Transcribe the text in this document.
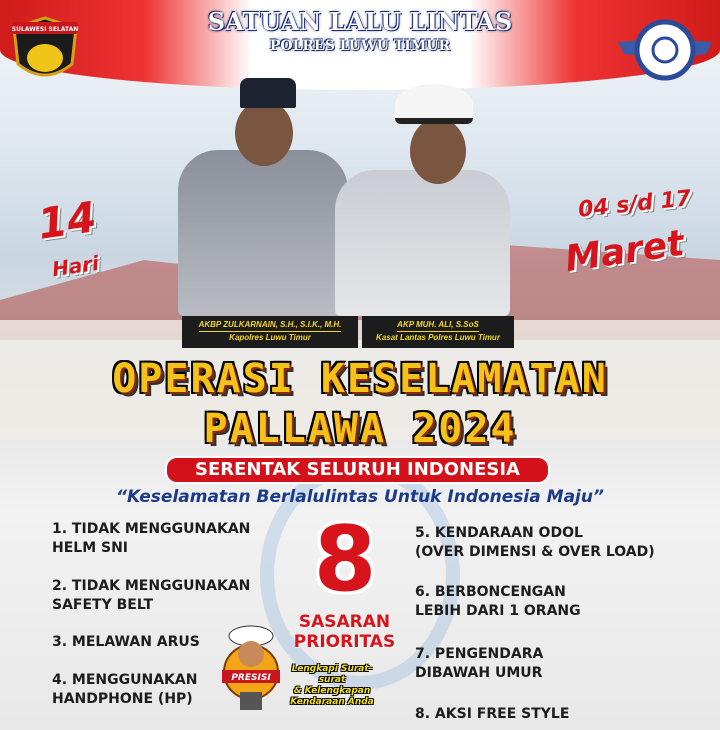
SULAWESI SELATAN	SATUAN LALU LINTAS
POLRES LUWU TIMUR
AKBP ZULKARNAIN, S.H., S.I.K., M.H.
Kapolres Luwu Timur
AKP MUH. ALI, S.SoS
Kasat Lantas Polres Luwu Timur
14
Hari
04 s/d 17
Maret
OPERASI KESELAMATAN
PALLAWA 2024
SERENTAK SELURUH INDONESIA
“Keselamatan Berlalulintas Untuk Indonesia Maju”
1. TIDAK MENGGUNAKAN
HELM SNI
2. TIDAK MENGGUNAKAN
SAFETY BELT
3. MELAWAN ARUS
4. MENGGUNAKAN
HANDPHONE (HP)
5. KENDARAAN ODOL
(OVER DIMENSI & OVER LOAD)
6. BERBONCENGAN
LEBIH DARI 1 ORANG
7. PENGENDARA
DIBAWAH UMUR
8. AKSI FREE STYLE
8
SASARAN
PRIORITAS
PRESISI
Lengkapi Surat-surat
& Kelengkapan
Kendaraan Anda
